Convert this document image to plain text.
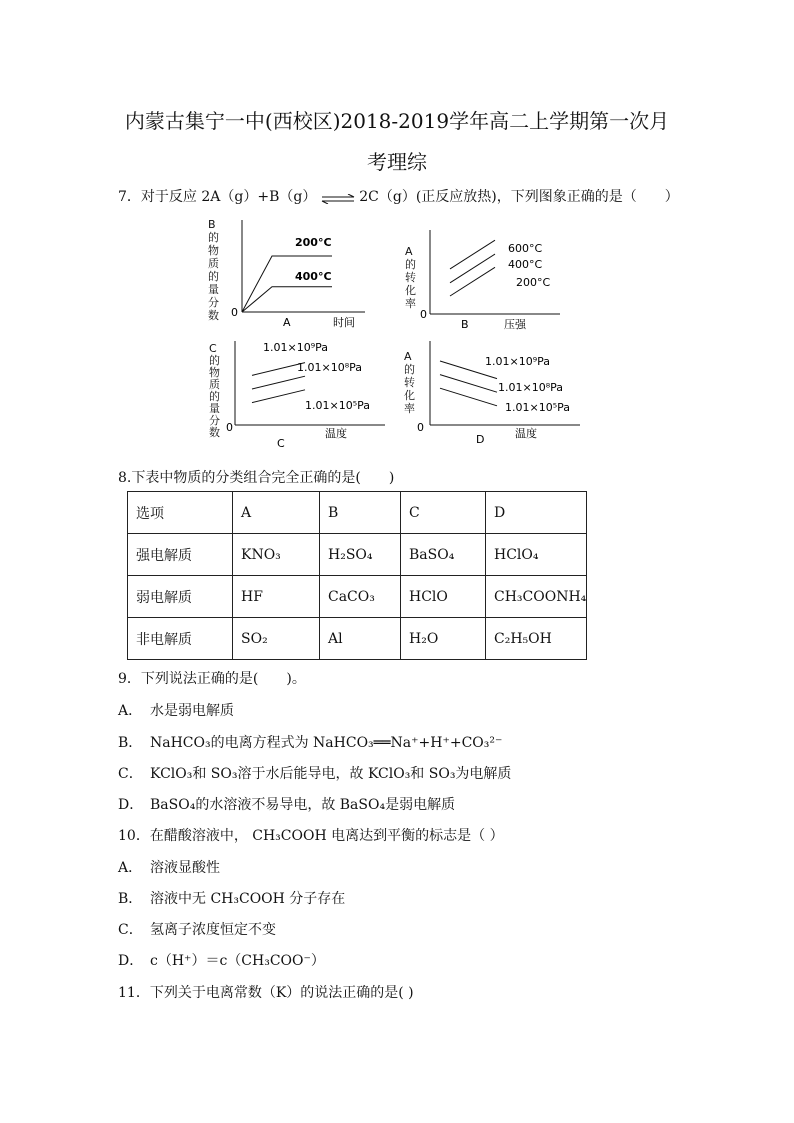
内蒙古集宁一中(西校区)2018-2019学年高二上学期第一次月
考理综
7．对于反应 2A（g）+B（g） ⇌ 2C（g）(正反应放热)，下列图象正确的是（　　）
200°C
400°C
0
A	时间
B的物质的量分数
600°C
400°C
200°C
0
B	压强
A的转化率
1.01×10⁹Pa
1.01×10⁸Pa
1.01×10⁵Pa
0
C
温度
C的物质的量分数
1.01×10⁹Pa
1.01×10⁸Pa
1.01×10⁵Pa
0
D	温度
A的转化率
8.下表中物质的分类组合完全正确的是(　　)
选项	A	B	C	D
强电解质	KNO₃	H₂SO₄	BaSO₄	HClO₄
弱电解质	HF	CaCO₃	HClO	CH₃COONH₄
非电解质	SO₂	Al	H₂O	C₂H₅OH
9．下列说法正确的是(　　)。
A． 水是弱电解质
B． NaHCO₃的电离方程式为 NaHCO₃══Na⁺+H⁺+CO₃²⁻
C． KClO₃和 SO₃溶于水后能导电，故 KClO₃和 SO₃为电解质
D． BaSO₄的水溶液不易导电，故 BaSO₄是弱电解质
10．在醋酸溶液中， CH₃COOH 电离达到平衡的标志是（ ）
A． 溶液显酸性
B． 溶液中无 CH₃COOH 分子存在
C． 氢离子浓度恒定不变
D． c（H⁺）＝c（CH₃COO⁻）
11．下列关于电离常数（K）的说法正确的是( )
